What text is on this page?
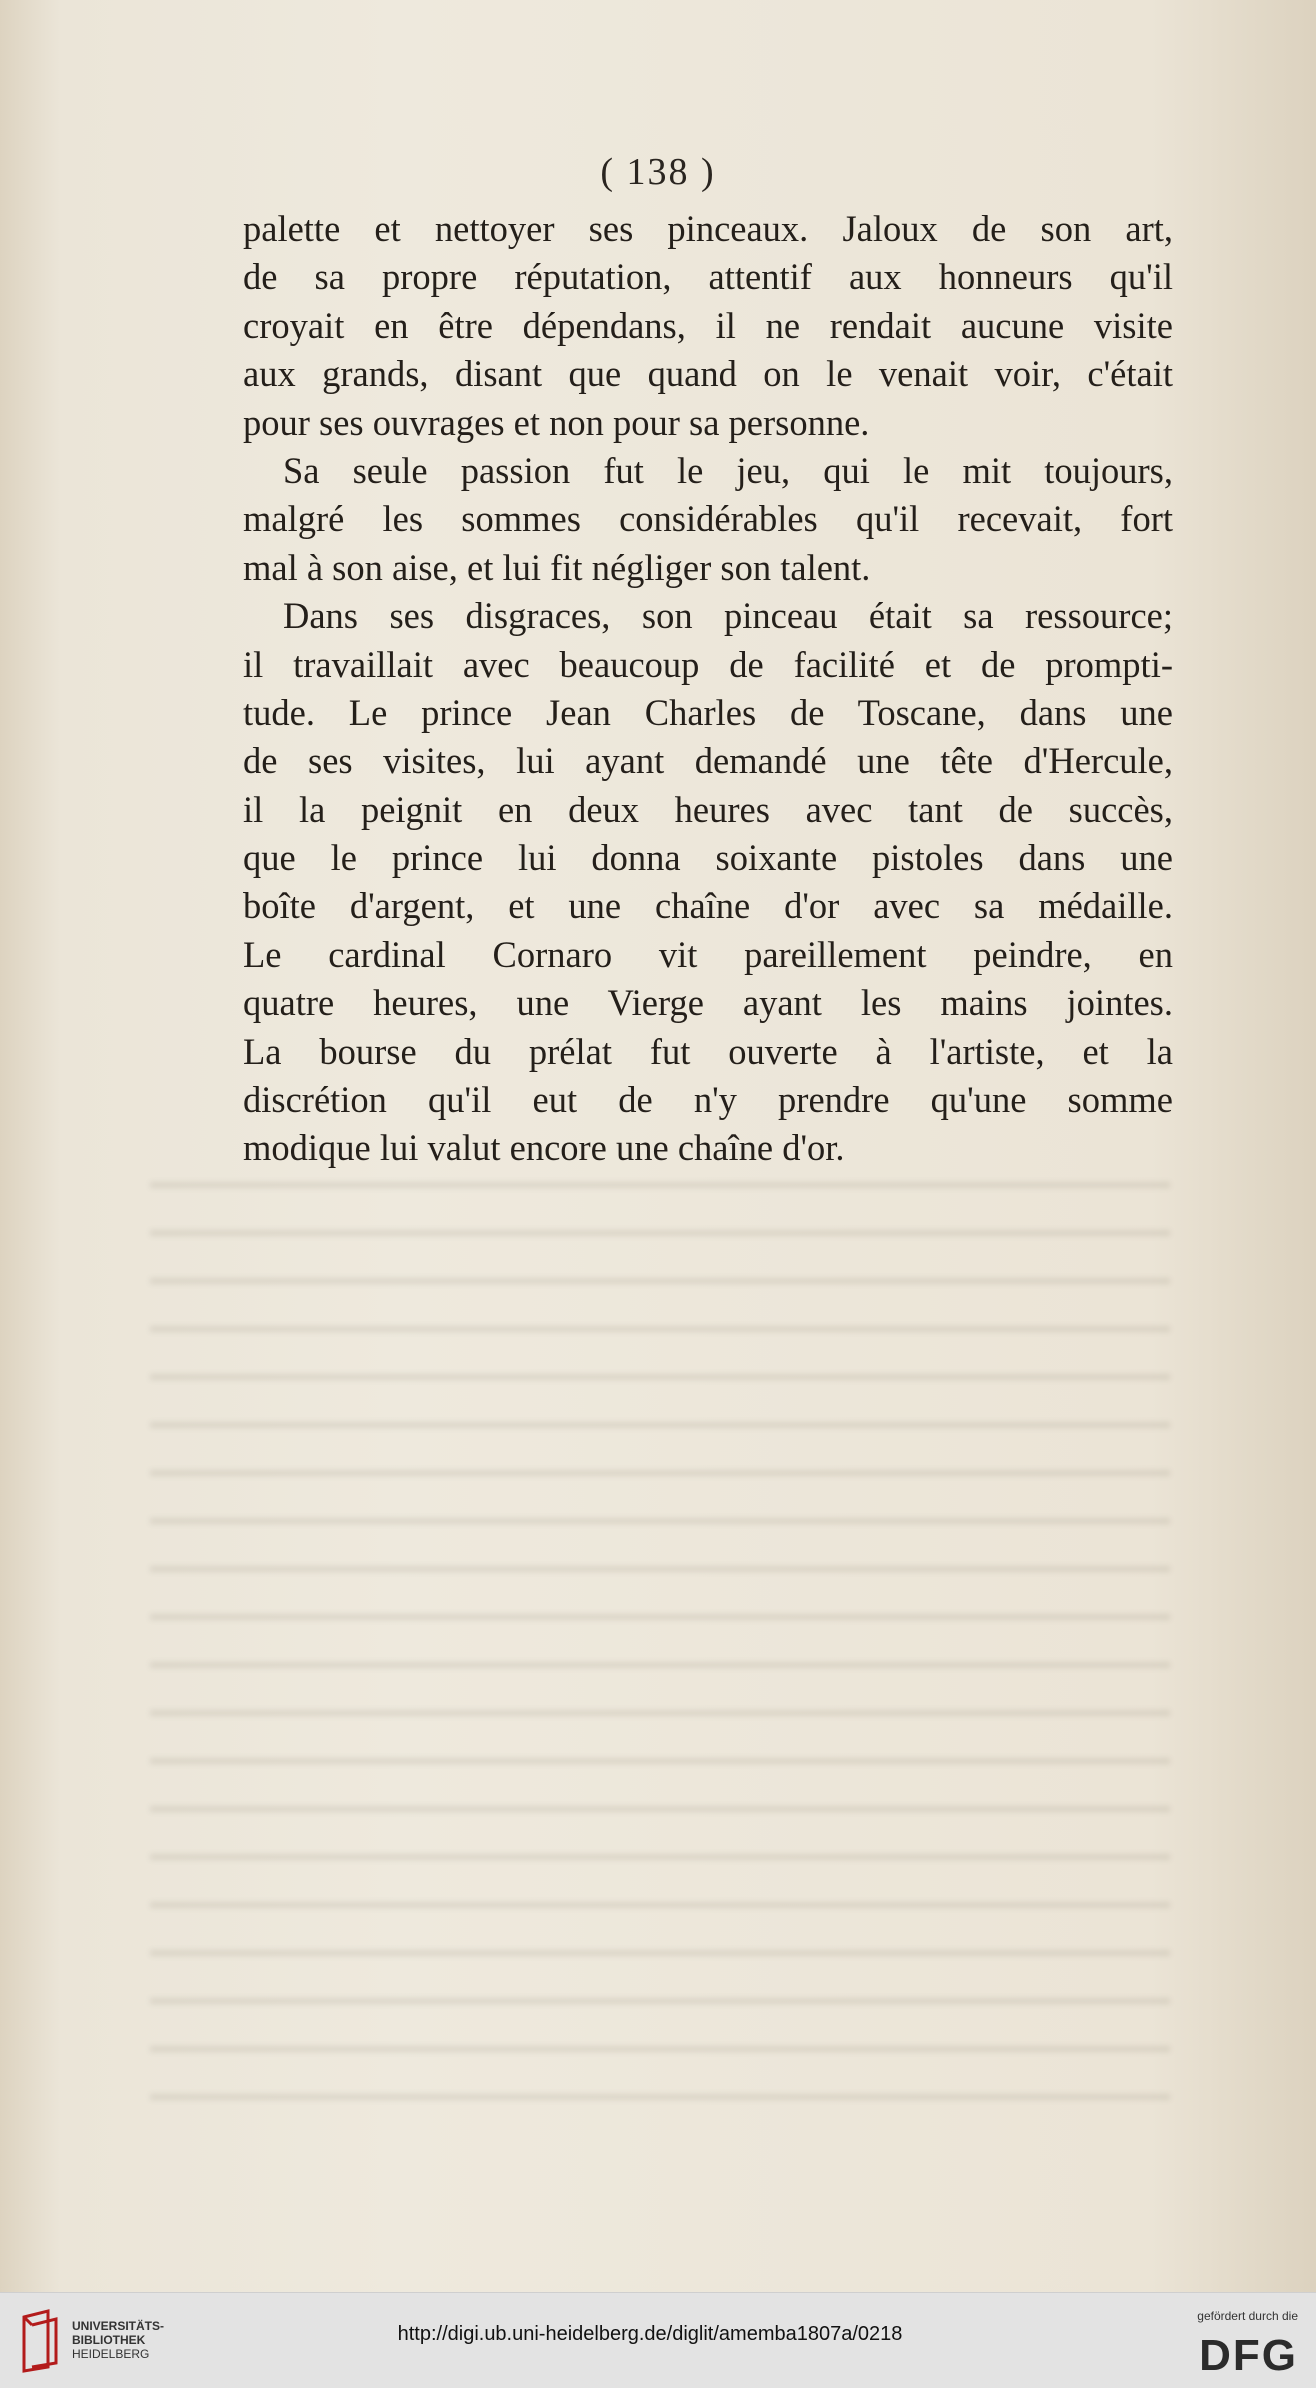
( 138 )
palette et nettoyer ses pinceaux. Jaloux de son art,
de sa propre réputation, attentif aux honneurs qu'il
croyait en être dépendans, il ne rendait aucune visite
aux grands, disant que quand on le venait voir, c'était
pour ses ouvrages et non pour sa personne.
Sa seule passion fut le jeu, qui le mit toujours,
malgré les sommes considérables qu'il recevait, fort
mal à son aise, et lui fit négliger son talent.
Dans ses disgraces, son pinceau était sa ressource;
il travaillait avec beaucoup de facilité et de prompti-
tude. Le prince Jean Charles de Toscane, dans une
de ses visites, lui ayant demandé une tête d'Hercule,
il la peignit en deux heures avec tant de succès,
que le prince lui donna soixante pistoles dans une
boîte d'argent, et une chaîne d'or avec sa médaille.
Le cardinal Cornaro vit pareillement peindre, en
quatre heures, une Vierge ayant les mains jointes.
La bourse du prélat fut ouverte à l'artiste, et la
discrétion qu'il eut de n'y prendre qu'une somme
modique lui valut encore une chaîne d'or.
UNIVERSITÄTS-
BIBLIOTHEK
HEIDELBERG
http://digi.ub.uni-heidelberg.de/diglit/amemba1807a/0218
gefördert durch die
DFG
